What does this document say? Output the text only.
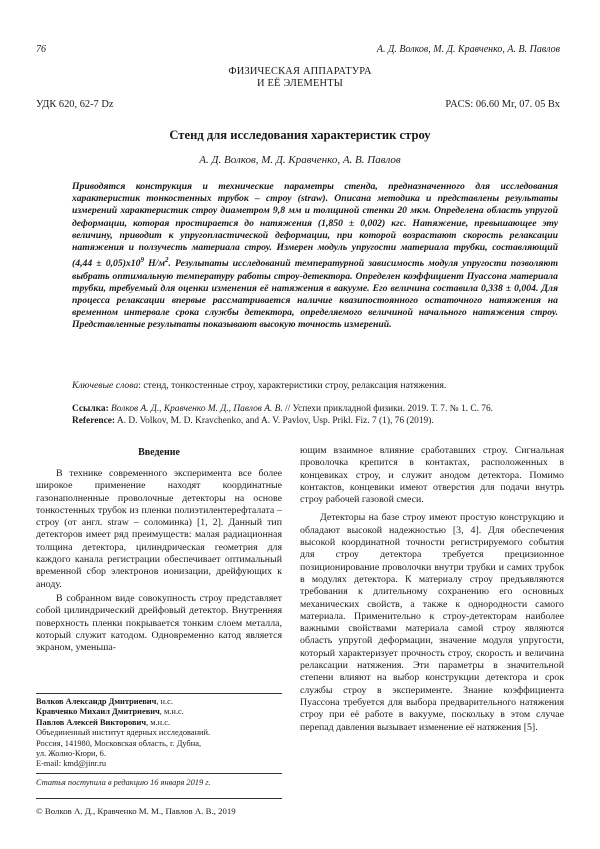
76	А. Д. Волков, М. Д. Кравченко, А. В. Павлов
ФИЗИЧЕСКАЯ АППАРАТУРА
И ЕЁ ЭЛЕМЕНТЫ
УДК 620, 62-7 Dz	PACS: 06.60 Mr, 07. 05 Bx
Стенд для исследования характеристик строу
А. Д. Волков, М. Д. Кравченко, А. В. Павлов
Приводятся конструкция и технические параметры стенда, предназначенного для исследования характеристик тонкостенных трубок – строу (straw). Описана методика и представлены результаты измерений характеристик строу диаметром 9,8 мм и толщиной стенки 20 мкм. Определена область упругой деформации, которая простирается до натяжения (1,850 ± 0,002) кгс. Натяжение, превышающее эту величину, приводит к упругопластической деформации, при которой возрастают скорость релаксации натяжения и ползучесть материала строу. Измерен модуль упругости материала трубки, составляющий $(4,44 \pm 0,05)x10^9$ $Н/м^2$. Результаты исследований температурной зависимость модуля упругости позволяют выбрать оптимальную температуру работы строу-детектора. Определен коэффициент Пуассона материала трубки, требуемый для оценки изменения её натяжения в вакууме. Его величина составила 0,338 ± 0,004. Для процесса релаксации впервые рассматривается наличие квазипостоянного остаточного натяжения на временном интервале срока службы детектора, определяемого величиной начального натяжения строу. Представленные результаты показывают высокую точность измерений.
Ключевые слова: стенд, тонкостенные строу, характеристики строу, релаксация натяжения.
Ссылка: Волков А. Д., Кравченко М. Д., Павлов А. В. // Успехи прикладной физики. 2019. Т. 7. № 1. С. 76.
Reference: A. D. Volkov, M. D. Kravchenko, and A. V. Pavlov, Usp. Prikl. Fiz. 7 (1), 76 (2019).
Введение

В технике современного эксперимента все более широкое применение находят координатные газонаполненные проволочные детекторы на основе тонкостенных трубок из пленки полиэтилентерефталата – строу (от англ. straw – соломинка) [1, 2]. Данный тип детекторов имеет ряд преимуществ: малая радиационная толщина детектора, цилиндрическая геометрия для каждого канала регистрации обеспечивает оптимальный временной сбор электронов ионизации, дрейфующих к аноду.

В собранном виде совокупность строу представляет собой цилиндрический дрейфовый детектор. Внутренняя поверхность пленки покрывается тонким слоем металла, который служит катодом. Одновременно катод является экраном, уменьша-

ющим взаимное влияние сработавших строу. Сигнальная проволочка крепится в контактах, расположенных в концевиках строу, и служит анодом детектора. Помимо контактов, концевики имеют отверстия для подачи внутрь строу рабочей газовой смеси.

Детекторы на базе строу имеют простую конструкцию и обладают высокой надежностью [3, 4]. Для обеспечения высокой координатной точности регистрируемого события для строу детектора требуется прецизионное позиционирование проволочки внутри трубки и самих трубок в модулях детектора. К материалу строу предъявляются требования к длительному сохранению его основных механических свойств, а также к однородности самого материала. Применительно к строу-детекторам наиболее важными свойствами материала самой строу являются область упругой деформации, значение модуля упругости, который характеризует прочность строу, скорость и величина релаксации натяжения. Эти параметры в значительной степени влияют на выбор конструкции детектора и срок службы строу в эксперименте. Знание коэффициента Пуассона требуется для выбора предварительного натяжения строу при её работе в вакууме, поскольку в этом случае перепад давления вызывает изменение её натяжения [5].

Волков Александр Дмитриевич, н.с.
Кравченко Михаил Дмитриевич, м.н.с.
Павлов Алексей Викторович, м.н.с.
Объединенный институт ядерных исследований.
Россия, 141980, Московская область, г. Дубна,
ул. Жолио-Кюри, 6.
E-mail: kmd@jinr.ru
Статья поступила в редакцию 16 января 2019 г.
© Волков А. Д., Кравченко М. М., Павлов А. В., 2019
